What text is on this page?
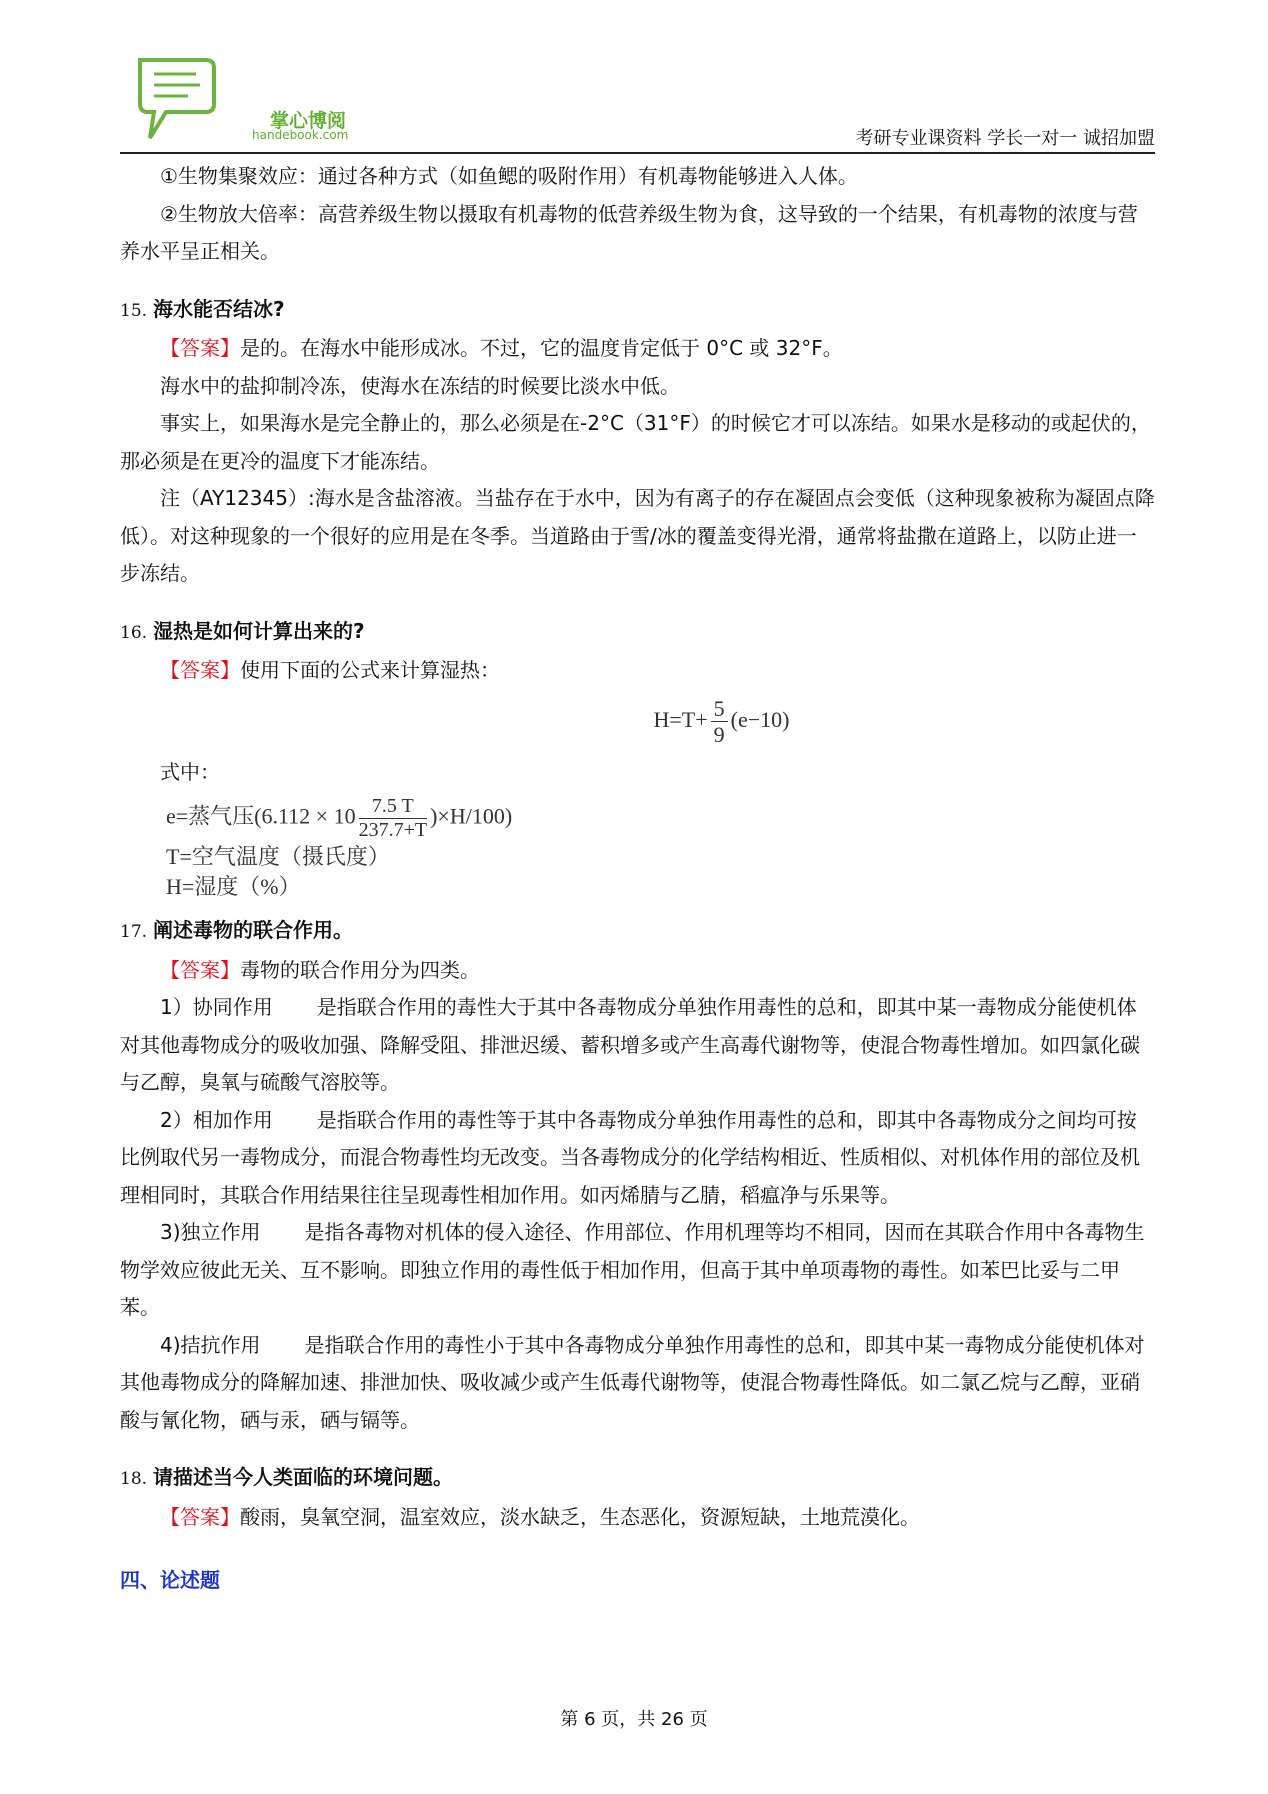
掌心博阅
handebook.com	考研专业课资料 学长一对一 诚招加盟

①生物集聚效应：通过各种方式（如鱼鳃的吸附作用）有机毒物能够进入人体。

②生物放大倍率：高营养级生物以摄取有机毒物的低营养级生物为食，这导致的一个结果，有机毒物的浓度与营养水平呈正相关。

15. 海水能否结冰?

【答案】是的。在海水中能形成冰。不过，它的温度肯定低于 0°C 或 32°F。

海水中的盐抑制冷冻，使海水在冻结的时候要比淡水中低。

事实上，如果海水是完全静止的，那么必须是在-2°C（31°F）的时候它才可以冻结。如果水是移动的或起伏的，那必须是在更冷的温度下才能冻结。

注（AY12345）:海水是含盐溶液。当盐存在于水中，因为有离子的存在凝固点会变低（这种现象被称为凝固点降低）。对这种现象的一个很好的应用是在冬季。当道路由于雪/冰的覆盖变得光滑，通常将盐撒在道路上，以防止进一步冻结。

16. 湿热是如何计算出来的?

【答案】使用下面的公式来计算湿热：

$H=T+ \frac{5}{9} (e-10)$

式中：

e=蒸气压$(6.112 \times 10 \frac{7.5 T}{237.7+T} )\times H/100$)
T=空气温度（摄氏度）
H=湿度（%）

17. 阐述毒物的联合作用。

【答案】毒物的联合作用分为四类。

1）协同作用 是指联合作用的毒性大于其中各毒物成分单独作用毒性的总和，即其中某一毒物成分能使机体对其他毒物成分的吸收加强、降解受阻、排泄迟缓、蓄积增多或产生高毒代谢物等，使混合物毒性增加。如四氯化碳与乙醇，臭氧与硫酸气溶胶等。

2）相加作用 是指联合作用的毒性等于其中各毒物成分单独作用毒性的总和，即其中各毒物成分之间均可按比例取代另一毒物成分，而混合物毒性均无改变。当各毒物成分的化学结构相近、性质相似、对机体作用的部位及机理相同时，其联合作用结果往往呈现毒性相加作用。如丙烯腈与乙腈，稻瘟净与乐果等。

3)独立作用 是指各毒物对机体的侵入途径、作用部位、作用机理等均不相同，因而在其联合作用中各毒物生物学效应彼此无关、互不影响。即独立作用的毒性低于相加作用，但高于其中单项毒物的毒性。如苯巴比妥与二甲苯。

4)拮抗作用 是指联合作用的毒性小于其中各毒物成分单独作用毒性的总和，即其中某一毒物成分能使机体对其他毒物成分的降解加速、排泄加快、吸收减少或产生低毒代谢物等，使混合物毒性降低。如二氯乙烷与乙醇，亚硝酸与氰化物，硒与汞，硒与镉等。

18. 请描述当今人类面临的环境问题。

【答案】酸雨，臭氧空洞，温室效应，淡水缺乏，生态恶化，资源短缺，土地荒漠化。

四、论述题
第 6 页，共 26 页
